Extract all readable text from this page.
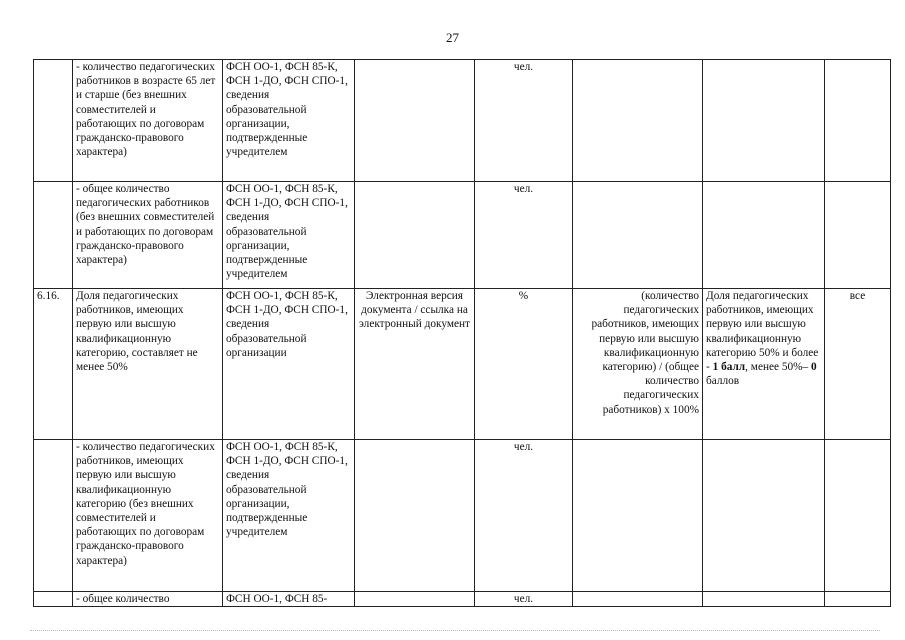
27
	- количество педагогических работников в возрасте 65 лет и старше (без внешних совместителей и работающих по договорам гражданско-правового характера)	ФСН ОО-1, ФСН 85-К, ФСН 1-ДО, ФСН СПО-1, сведения образовательной организации, подтвержденные учредителем		чел.			
	- общее количество педагогических работников (без внешних совместителей и работающих по договорам гражданско-правового характера)	ФСН ОО-1, ФСН 85-К, ФСН 1-ДО, ФСН СПО-1, сведения образовательной организации, подтвержденные учредителем		чел.			
6.16.	Доля педагогических работников, имеющих первую или высшую квалификационную категорию, составляет не менее 50%	ФСН ОО-1, ФСН 85-К, ФСН 1-ДО, ФСН СПО-1, сведения образовательной организации	Электронная версия документа / ссылка на электронный документ	%	(количество педагогических работников, имеющих первую или высшую квалификационную категорию) / (общее количество педагогических работников) х 100%	Доля педагогических работников, имеющих первую или высшую квалификационную категорию 50% и более - 1 балл, менее 50%– 0 баллов	все
	- количество педагогических работников, имеющих первую или высшую квалификационную категорию (без внешних совместителей и работающих по договорам гражданско-правового характера)	ФСН ОО-1, ФСН 85-К, ФСН 1-ДО, ФСН СПО-1, сведения образовательной организации, подтвержденные учредителем		чел.			
	- общее количество	ФСН ОО-1, ФСН 85-		чел.			
